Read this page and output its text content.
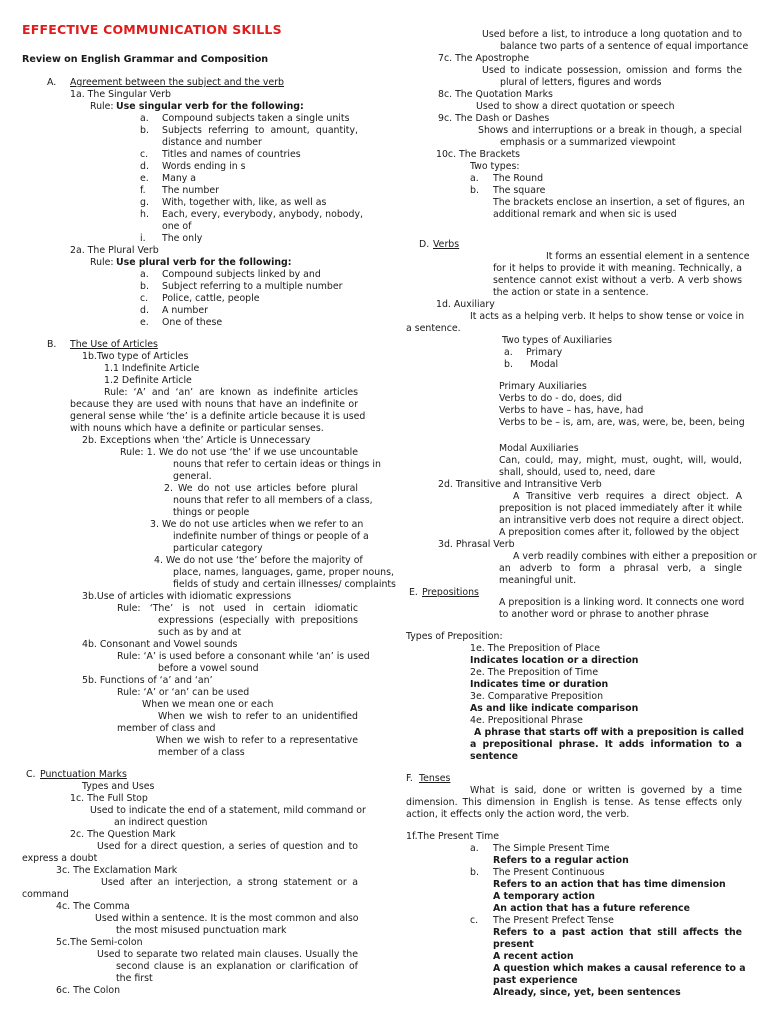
EFFECTIVE COMMUNICATION SKILLS
Review on English Grammar and Composition
A. Agreement between the subject and the verb
1a. The Singular Verb
Rule: Use singular verb for the following:
a. Compound subjects taken a single units
b. Subjects referring to amount, quantity,
distance and number
c. Titles and names of countries
d. Words ending in s
e. Many a
f. The number
g. With, together with, like, as well as
h. Each, every, everybody, anybody, nobody,
one of
i. The only
2a. The Plural Verb
Rule: Use plural verb for the following:
a. Compound subjects linked by and
b. Subject referring to a multiple number
c. Police, cattle, people
d. A number
e. One of these
B. The Use of Articles
1b.Two type of Articles
1.1 Indefinite Article
1.2 Definite Article
Rule: ‘A’ and ‘an’ are known as indefinite articles
because they are used with nouns that have an indefinite or
general sense while ‘the’ is a definite article because it is used
with nouns which have a definite or particular senses.
2b. Exceptions when ‘the’ Article is Unnecessary
Rule: 1. We do not use ‘the’ if we use uncountable
nouns that refer to certain ideas or things in
general.
2. We do not use articles before plural
nouns that refer to all members of a class,
things or people
3. We do not use articles when we refer to an
indefinite number of things or people of a
particular category
4. We do not use ‘the’ before the majority of
place, names, languages, game, proper nouns,
fields of study and certain illnesses/ complaints
3b.Use of articles with idiomatic expressions
Rule: ‘The’ is not used in certain idiomatic
expressions (especially with prepositions
such as by and at
4b. Consonant and Vowel sounds
Rule: ‘A’ is used before a consonant while ‘an’ is used
before a vowel sound
5b. Functions of ‘a’ and ‘an’
Rule: ‘A’ or ‘an’ can be used
When we mean one or each
When we wish to refer to an unidentified
member of class and
When we wish to refer to a representative
member of a class
C. Punctuation Marks
Types and Uses
1c. The Full Stop
Used to indicate the end of a statement, mild command or
an indirect question
2c. The Question Mark
Used for a direct question, a series of question and to
express a doubt
3c. The Exclamation Mark
Used after an interjection, a strong statement or a
command
4c. The Comma
Used within a sentence. It is the most common and also
the most misused punctuation mark
5c.The Semi-colon
Used to separate two related main clauses. Usually the
second clause is an explanation or clarification of
the first
6c. The Colon
Used before a list, to introduce a long quotation and to
balance two parts of a sentence of equal importance
7c. The Apostrophe
Used to indicate possession, omission and forms the
plural of letters, figures and words
8c. The Quotation Marks
Used to show a direct quotation or speech
9c. The Dash or Dashes
Shows and interruptions or a break in though, a special
emphasis or a summarized viewpoint
10c. The Brackets
Two types:
a. The Round
b. The square
The brackets enclose an insertion, a set of figures, an
additional remark and when sic is used
D. Verbs
It forms an essential element in a sentence
for it helps to provide it with meaning. Technically, a
sentence cannot exist without a verb. A verb shows
the action or state in a sentence.
1d. Auxiliary
It acts as a helping verb. It helps to show tense or voice in
a sentence.
Two types of Auxiliaries
a. Primary
b. Modal
Primary Auxiliaries
Verbs to do - do, does, did
Verbs to have – has, have, had
Verbs to be – is, am, are, was, were, be, been, being
Modal Auxiliaries
Can, could, may, might, must, ought, will, would,
shall, should, used to, need, dare
2d. Transitive and Intransitive Verb
A Transitive verb requires a direct object. A
preposition is not placed immediately after it while
an intransitive verb does not require a direct object.
A preposition comes after it, followed by the object
3d. Phrasal Verb
A verb readily combines with either a preposition or
an adverb to form a phrasal verb, a single
meaningful unit.
E. Prepositions
A preposition is a linking word. It connects one word
to another word or phrase to another phrase
Types of Preposition:
1e. The Preposition of Place
Indicates location or a direction
2e. The Preposition of Time
Indicates time or duration
3e. Comparative Preposition
As and like indicate comparison
4e. Prepositional Phrase
A phrase that starts off with a preposition is called
a prepositional phrase. It adds information to a
sentence
F. Tenses
What is said, done or written is governed by a time
dimension. This dimension in English is tense. As tense effects only
action, it effects only the action word, the verb.
1f.The Present Time
a. The Simple Present Time
Refers to a regular action
b. The Present Continuous
Refers to an action that has time dimension
A temporary action
An action that has a future reference
c. The Present Prefect Tense
Refers to a past action that still affects the
present
A recent action
A question which makes a causal reference to a
past experience
Already, since, yet, been sentences
